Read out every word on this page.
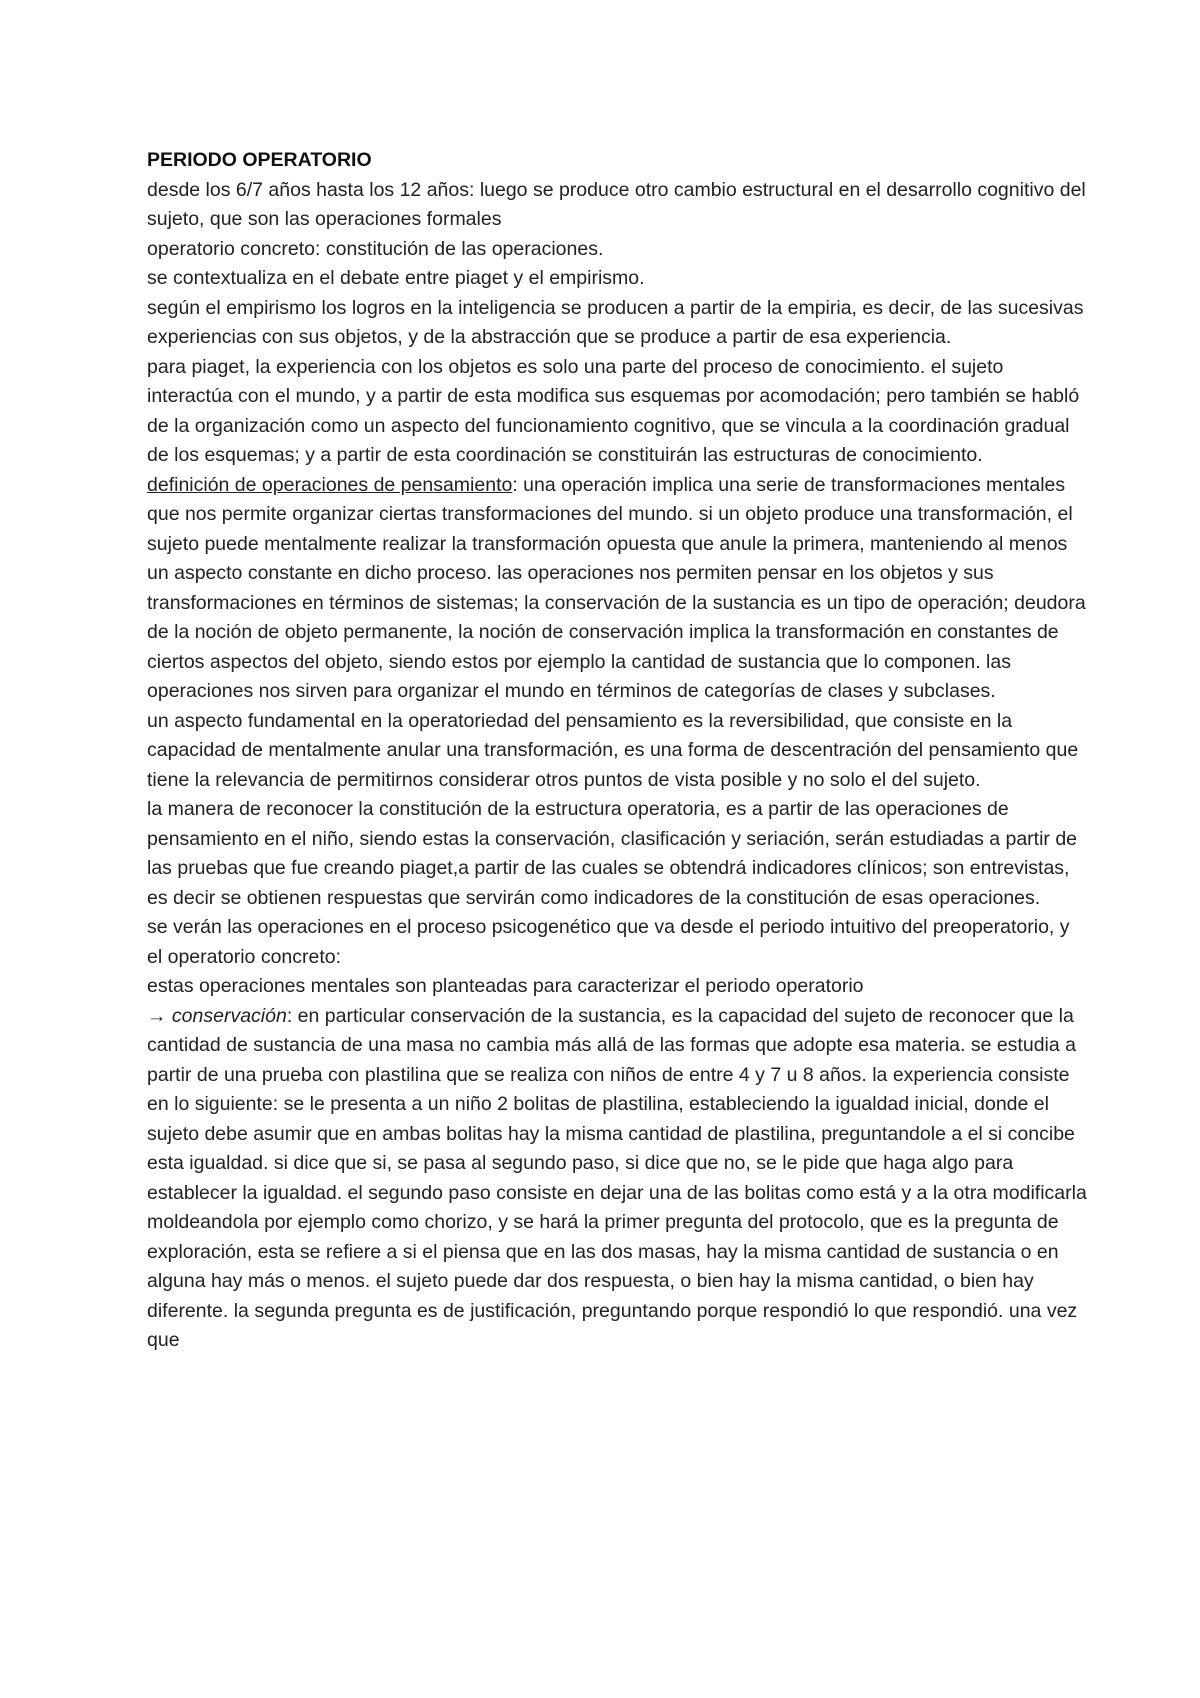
PERIODO OPERATORIO

desde los 6/7 años hasta los 12 años: luego se produce otro cambio estructural en el desarrollo cognitivo del sujeto, que son las operaciones formales

operatorio concreto: constitución de las operaciones.

se contextualiza en el debate entre piaget y el empirismo.

según el empirismo los logros en la inteligencia se producen a partir de la empiria, es decir, de las sucesivas experiencias con sus objetos, y de la abstracción que se produce a partir de esa experiencia.

para piaget, la experiencia con los objetos es solo una parte del proceso de conocimiento. el sujeto interactúa con el mundo, y a partir de esta modifica sus esquemas por acomodación; pero también se habló de la organización como un aspecto del funcionamiento cognitivo, que se vincula a la coordinación gradual de los esquemas; y a partir de esta coordinación se constituirán las estructuras de conocimiento.

definición de operaciones de pensamiento: una operación implica una serie de transformaciones mentales que nos permite organizar ciertas transformaciones del mundo. si un objeto produce una transformación, el sujeto puede mentalmente realizar la transformación opuesta que anule la primera, manteniendo al menos un aspecto constante en dicho proceso. las operaciones nos permiten pensar en los objetos y sus transformaciones en términos de sistemas; la conservación de la sustancia es un tipo de operación; deudora de la noción de objeto permanente, la noción de conservación implica la transformación en constantes de ciertos aspectos del objeto, siendo estos por ejemplo la cantidad de sustancia que lo componen. las operaciones nos sirven para organizar el mundo en términos de categorías de clases y subclases.

un aspecto fundamental en la operatoriedad del pensamiento es la reversibilidad, que consiste en la capacidad de mentalmente anular una transformación, es una forma de descentración del pensamiento que tiene la relevancia de permitirnos considerar otros puntos de vista posible y no solo el del sujeto.

la manera de reconocer la constitución de la estructura operatoria, es a partir de las operaciones de pensamiento en el niño, siendo estas la conservación, clasificación y seriación, serán estudiadas a partir de las pruebas que fue creando piaget,a partir de las cuales se obtendrá indicadores clínicos; son entrevistas, es decir se obtienen respuestas que servirán como indicadores de la constitución de esas operaciones.

se verán las operaciones en el proceso psicogenético que va desde el periodo intuitivo del preoperatorio, y el operatorio concreto:

estas operaciones mentales son planteadas para caracterizar el periodo operatorio

→ conservación: en particular conservación de la sustancia, es la capacidad del sujeto de reconocer que la cantidad de sustancia de una masa no cambia más allá de las formas que adopte esa materia. se estudia a partir de una prueba con plastilina que se realiza con niños de entre 4 y 7 u 8 años. la experiencia consiste en lo siguiente: se le presenta a un niño 2 bolitas de plastilina, estableciendo la igualdad inicial, donde el sujeto debe asumir que en ambas bolitas hay la misma cantidad de plastilina, preguntandole a el si concibe esta igualdad. si dice que si, se pasa al segundo paso, si dice que no, se le pide que haga algo para establecer la igualdad. el segundo paso consiste en dejar una de las bolitas como está y a la otra modificarla moldeandola por ejemplo como chorizo, y se hará la primer pregunta del protocolo, que es la pregunta de exploración, esta se refiere a si el piensa que en las dos masas, hay la misma cantidad de sustancia o en alguna hay más o menos. el sujeto puede dar dos respuesta, o bien hay la misma cantidad, o bien hay diferente. la segunda pregunta es de justificación, preguntando porque respondió lo que respondió. una vez que
